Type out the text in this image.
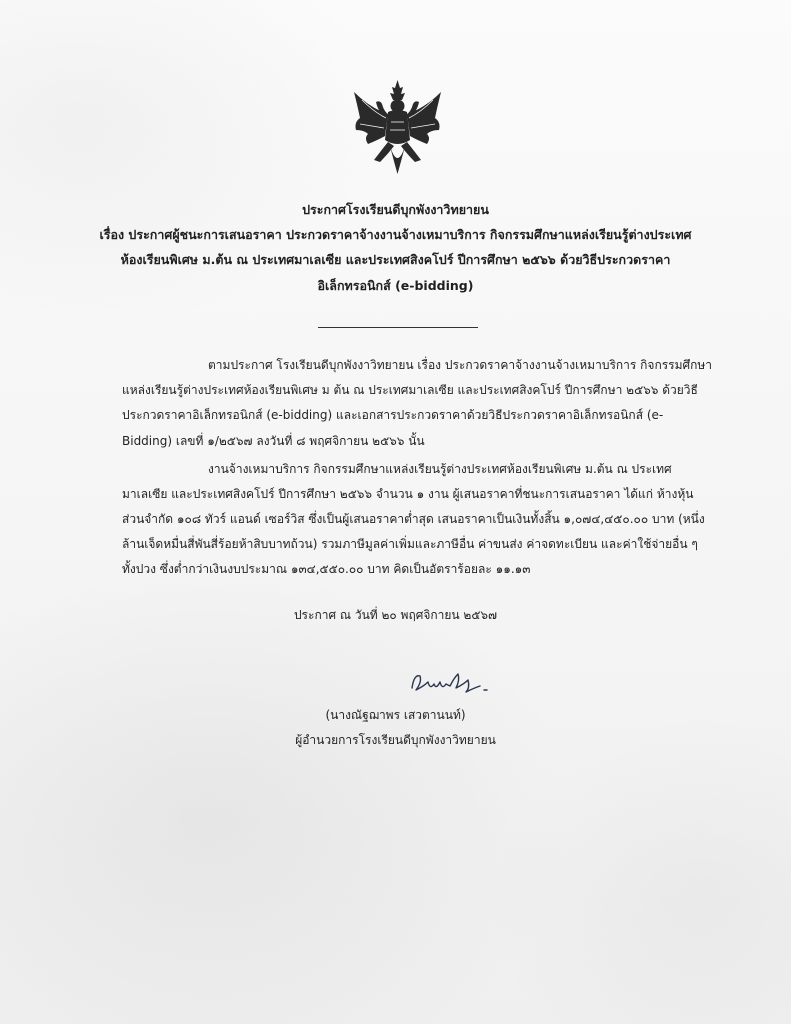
ประกาศโรงเรียนดีบุกพังงาวิทยายน
เรื่อง ประกาศผู้ชนะการเสนอราคา ประกวดราคาจ้างงานจ้างเหมาบริการ กิจกรรมศึกษาแหล่งเรียนรู้ต่างประเทศ
ห้องเรียนพิเศษ ม.ต้น ณ ประเทศมาเลเซีย และประเทศสิงคโปร์ ปีการศึกษา ๒๕๖๖ ด้วยวิธีประกวดราคา
อิเล็กทรอนิกส์ (e-bidding)
ตามประกาศ โรงเรียนดีบุกพังงาวิทยายน เรื่อง ประกวดราคาจ้างงานจ้างเหมาบริการ กิจกรรมศึกษา
แหล่งเรียนรู้ต่างประเทศห้องเรียนพิเศษ ม ต้น ณ ประเทศมาเลเซีย และประเทศสิงคโปร์ ปีการศึกษา ๒๕๖๖ ด้วยวิธี
ประกวดราคาอิเล็กทรอนิกส์ (e-bidding) และเอกสารประกวดราคาด้วยวิธีประกวดราคาอิเล็กทรอนิกส์ (e-
Bidding) เลขที่ ๑/๒๕๖๗ ลงวันที่ ๘ พฤศจิกายน ๒๕๖๖ นั้น
งานจ้างเหมาบริการ กิจกรรมศึกษาแหล่งเรียนรู้ต่างประเทศห้องเรียนพิเศษ ม.ต้น ณ ประเทศ
มาเลเซีย และประเทศสิงคโปร์ ปีการศึกษา ๒๕๖๖ จำนวน ๑ งาน ผู้เสนอราคาที่ชนะการเสนอราคา ได้แก่ ห้างหุ้น
ส่วนจำกัด ๑๐๘ ทัวร์ แอนด์ เซอร์วิส ซึ่งเป็นผู้เสนอราคาต่ำสุด เสนอราคาเป็นเงินทั้งสิ้น ๑,๐๗๔,๔๕๐.๐๐ บาท (หนึ่ง
ล้านเจ็ดหมื่นสี่พันสี่ร้อยห้าสิบบาทถ้วน) รวมภาษีมูลค่าเพิ่มและภาษีอื่น ค่าขนส่ง ค่าจดทะเบียน และค่าใช้จ่ายอื่น ๆ
ทั้งปวง ซึ่งต่ำกว่าเงินงบประมาณ ๑๓๔,๕๕๐.๐๐ บาท คิดเป็นอัตราร้อยละ ๑๑.๑๓
ประกาศ ณ วันที่ ๒๐ พฤศจิกายน ๒๕๖๗
(นางณัฐฌาพร เสวตานนท์)
ผู้อำนวยการโรงเรียนดีบุกพังงาวิทยายน
